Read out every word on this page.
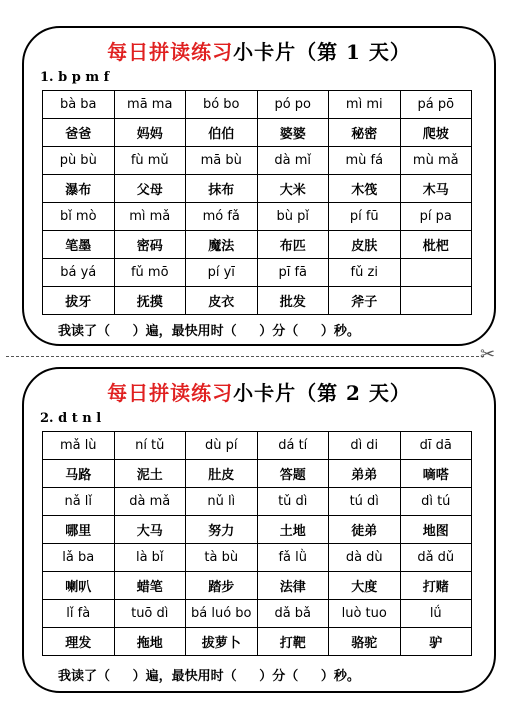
每日拼读练习小卡片（第 1 天）
1. b p m f
bà ba	mā ma	bó bo	pó po	mì mi	pá pō
爸爸	妈妈	伯伯	婆婆	秘密	爬坡
pù bù	fù mǔ	mā bù	dà mǐ	mù fá	mù mǎ
瀑布	父母	抹布	大米	木筏	木马
bǐ mò	mì mǎ	mó fǎ	bù pǐ	pí fū	pí pa
笔墨	密码	魔法	布匹	皮肤	枇杷
bá yá	fǔ mō	pí yī	pī fā	fǔ zi	
拔牙	抚摸	皮衣	批发	斧子	
我读了（     ）遍，最快用时（     ）分（     ）秒。
✂
每日拼读练习小卡片（第 2 天）
2. d t n l
mǎ lù	ní tǔ	dù pí	dá tí	dì di	dī dā
马路	泥土	肚皮	答题	弟弟	嘀嗒
nǎ lǐ	dà mǎ	nǔ lì	tǔ dì	tú dì	dì tú
哪里	大马	努力	土地	徒弟	地图
lǎ ba	là bǐ	tà bù	fǎ lǜ	dà dù	dǎ dǔ
喇叭	蜡笔	踏步	法律	大度	打赌
lǐ fà	tuō dì	bá luó bo	dǎ bǎ	luò tuo	lǘ
理发	拖地	拔萝卜	打靶	骆驼	驴
我读了（     ）遍，最快用时（     ）分（     ）秒。
